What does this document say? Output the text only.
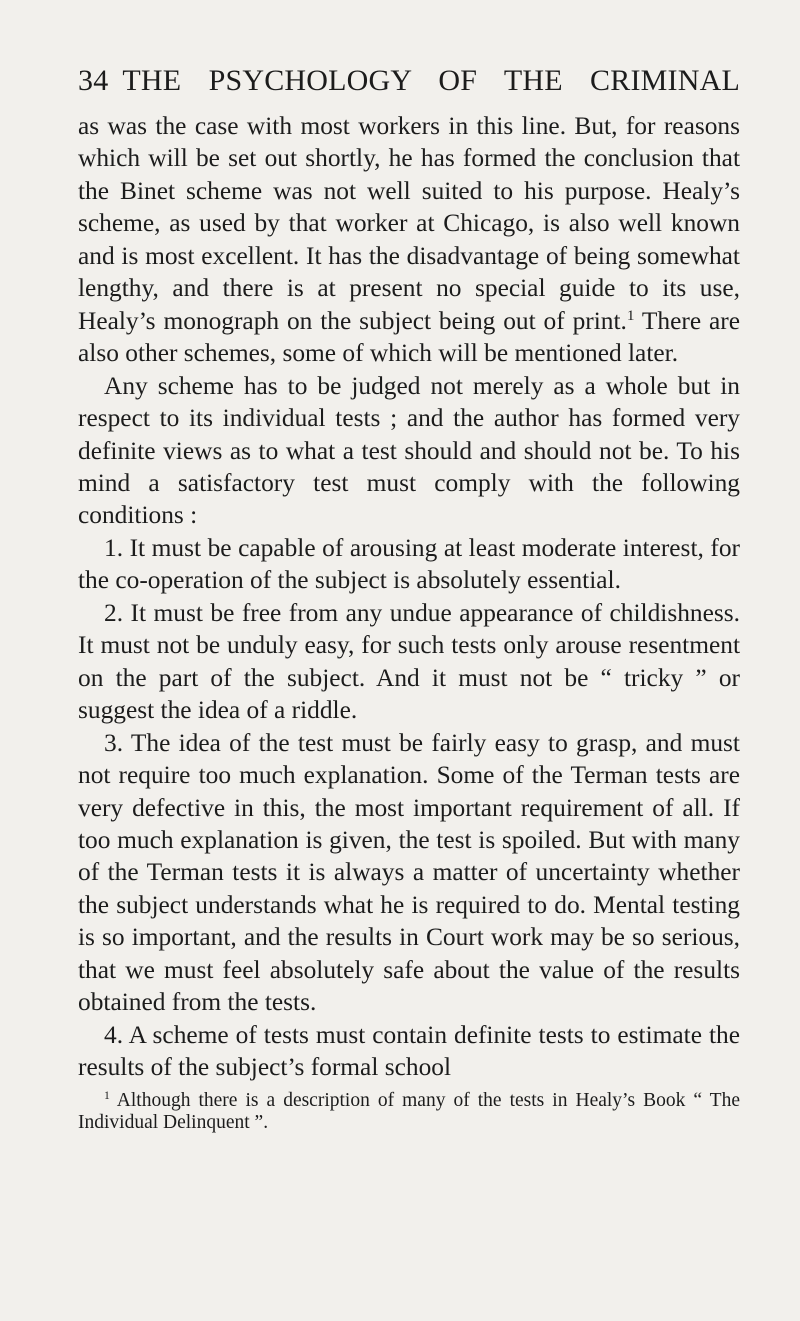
34 THE PSYCHOLOGY OF THE CRIMINAL

as was the case with most workers in this line. But, for reasons which will be set out shortly, he has formed the conclusion that the Binet scheme was not well suited to his purpose. Healy’s scheme, as used by that worker at Chicago, is also well known and is most excellent. It has the disadvantage of being somewhat lengthy, and there is at present no special guide to its use, Healy’s monograph on the subject being out of print.$^1$ There are also other schemes, some of which will be mentioned later.

Any scheme has to be judged not merely as a whole but in respect to its individual tests ; and the author has formed very definite views as to what a test should and should not be. To his mind a satisfactory test must comply with the following conditions :

1. It must be capable of arousing at least moderate interest, for the co-operation of the subject is absolutely essential.

2. It must be free from any undue appearance of childishness. It must not be unduly easy, for such tests only arouse resentment on the part of the subject. And it must not be “ tricky ” or suggest the idea of a riddle.

3. The idea of the test must be fairly easy to grasp, and must not require too much explanation. Some of the Terman tests are very defective in this, the most important requirement of all. If too much explanation is given, the test is spoiled. But with many of the Terman tests it is always a matter of uncertainty whether the subject understands what he is required to do. Mental testing is so important, and the results in Court work may be so serious, that we must feel absolutely safe about the value of the results obtained from the tests.

4. A scheme of tests must contain definite tests to estimate the results of the subject’s formal school

$^1$ Although there is a description of many of the tests in Healy’s Book “ The Individual Delinquent ”.
